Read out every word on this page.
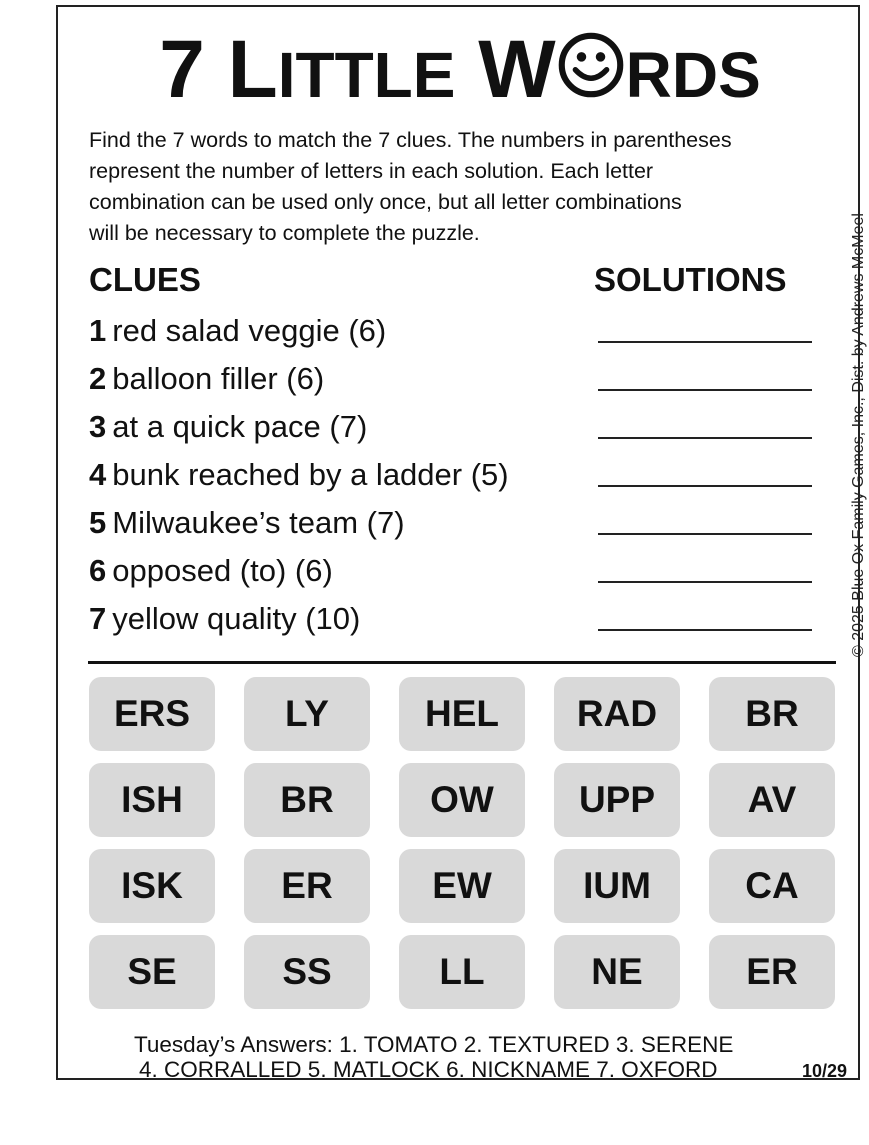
7 LITTLE W RDS
Find the 7 words to match the 7 clues. The numbers in parentheses
represent the number of letters in each solution. Each letter
combination can be used only once, but all letter combinations
will be necessary to complete the puzzle.
CLUES	SOLUTIONS
1 red salad veggie (6)
2 balloon filler (6)
3 at a quick pace (7)
4 bunk reached by a ladder (5)
5 Milwaukee’s team (7)
6 opposed (to) (6)
7 yellow quality (10)	© 2025 Blue Ox Family Games, Inc., Dist. by Andrews McMeel
ERS	LY	HEL	RAD	BR
ISH	BR	OW	UPP	AV
ISK	ER	EW	IUM	CA
SE	SS	LL	NE	ER
Tuesday’s Answers: 1. TOMATO 2. TEXTURED 3. SERENE
4. CORRALLED 5. MATLOCK 6. NICKNAME 7. OXFORD	10/29
